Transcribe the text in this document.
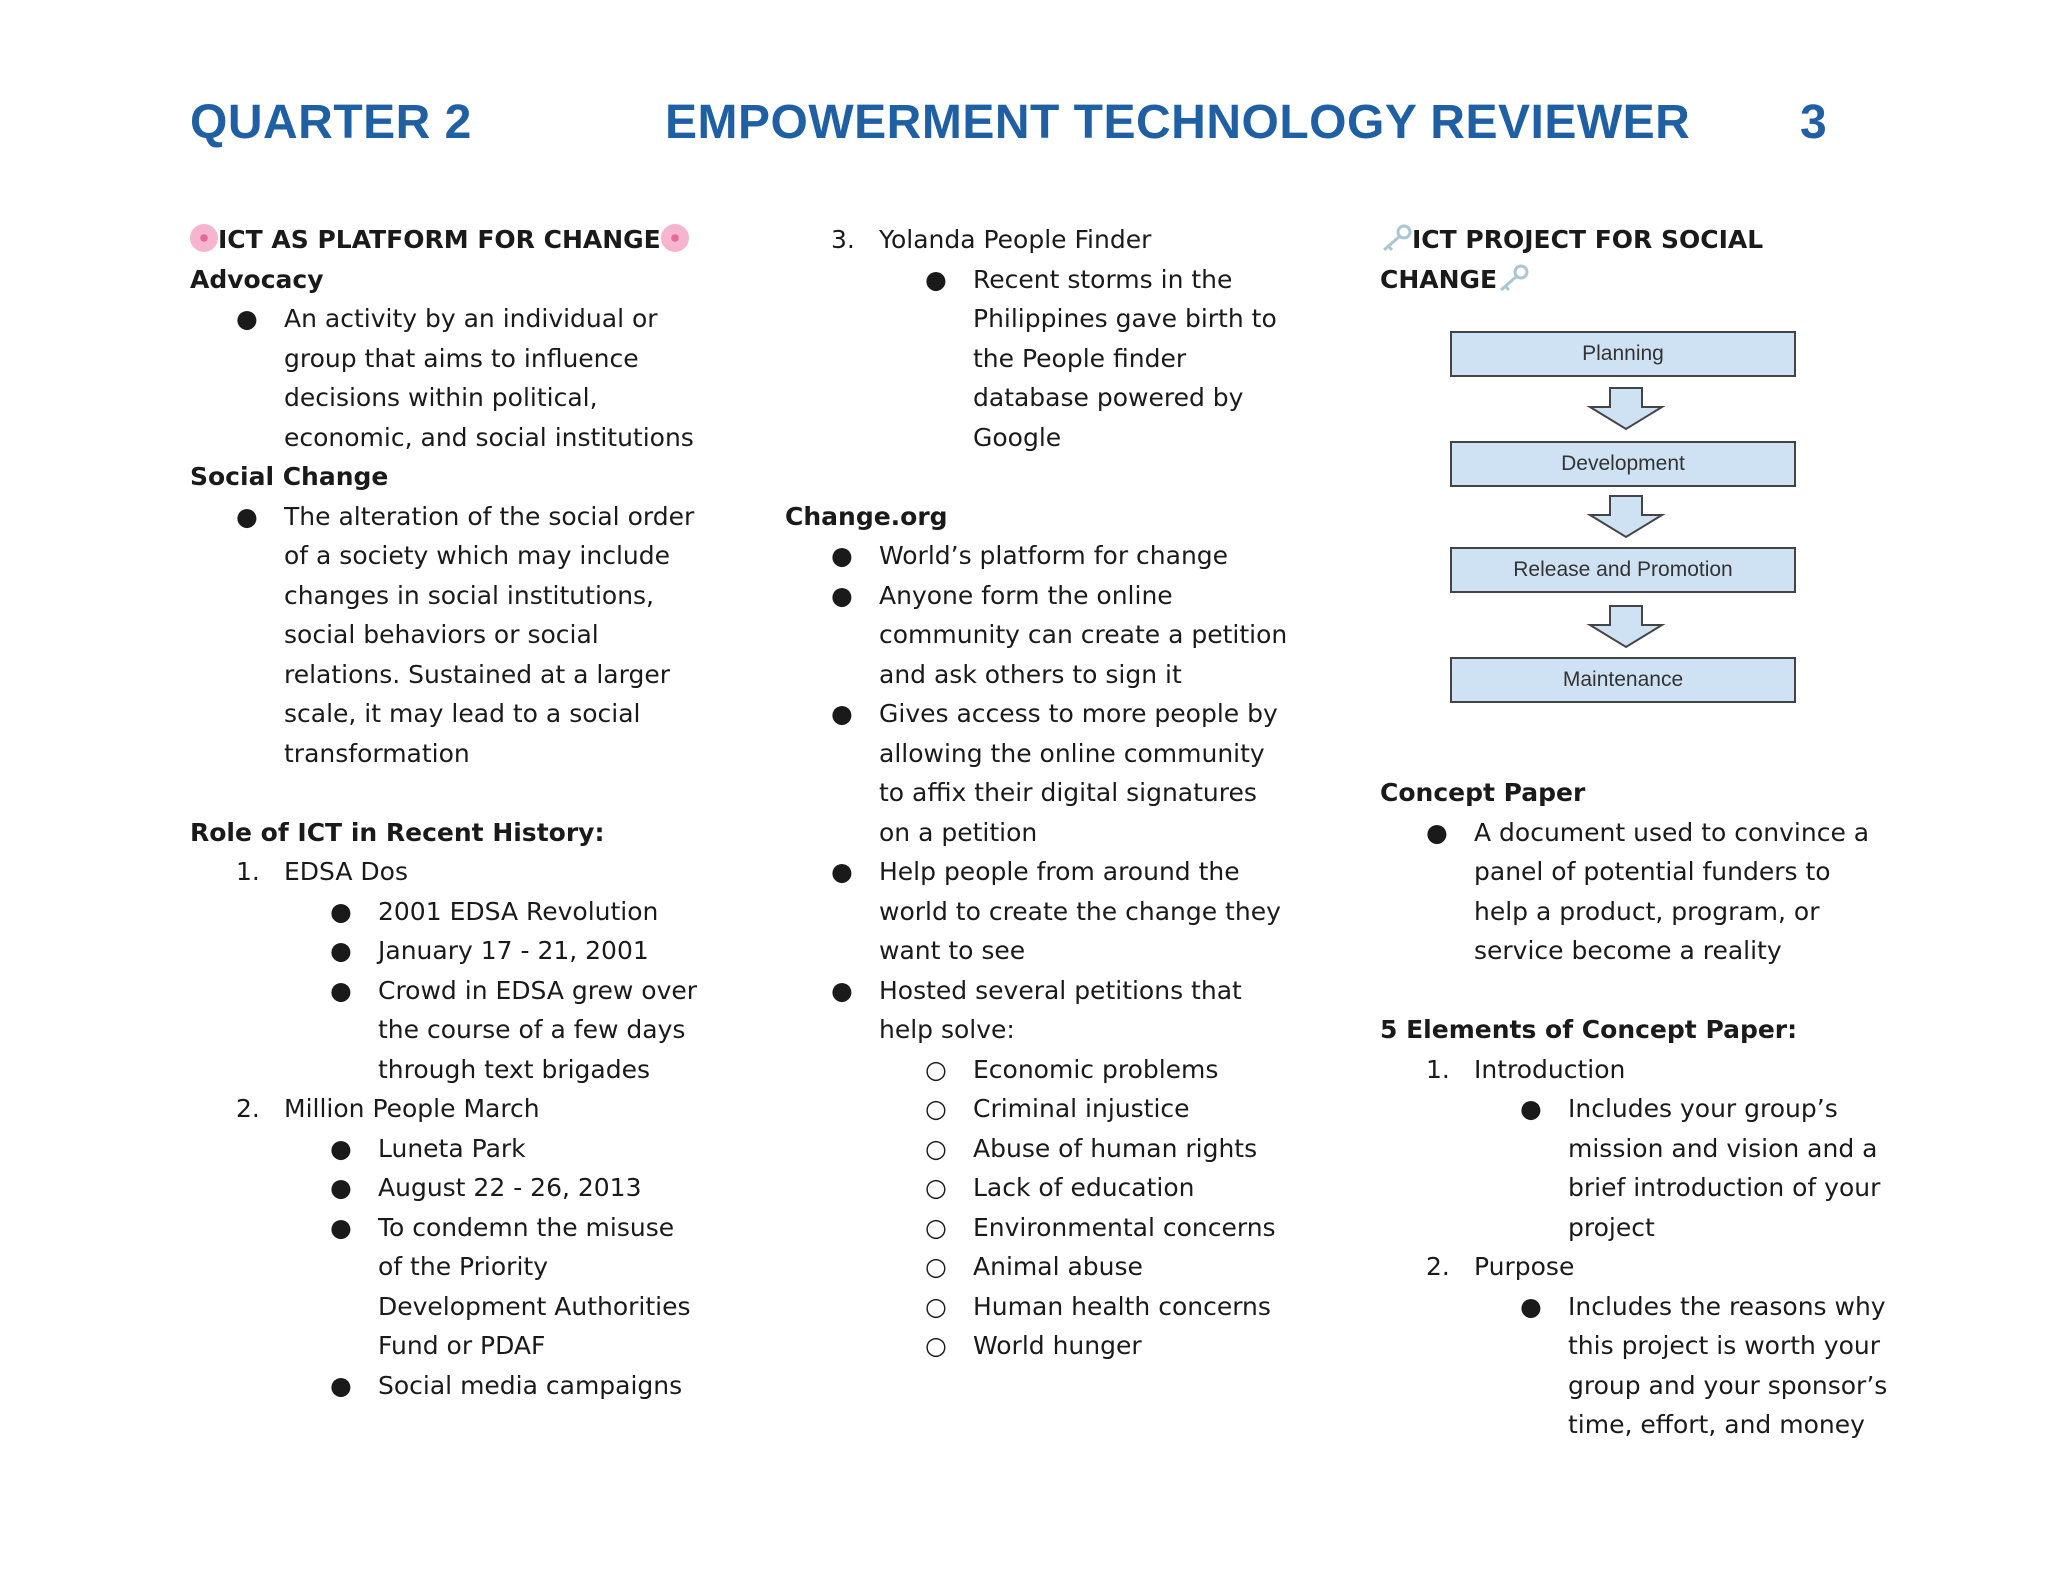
QUARTER 2	EMPOWERMENT TECHNOLOGY REVIEWER 3
ICT AS PLATFORM FOR CHANGE
Advocacy
● An activity by an individual or
group that aims to influence
decisions within political,
economic, and social institutions
Social Change
● The alteration of the social order
of a society which may include
changes in social institutions,
social behaviors or social
relations. Sustained at a larger
scale, it may lead to a social
transformation
Role of ICT in Recent History:
1. EDSA Dos
● 2001 EDSA Revolution
● January 17 - 21, 2001
● Crowd in EDSA grew over
the course of a few days
through text brigades
2. Million People March
● Luneta Park
● August 22 - 26, 2013
● To condemn the misuse
of the Priority
Development Authorities
Fund or PDAF
● Social media campaigns
3. Yolanda People Finder
● Recent storms in the
Philippines gave birth to
the People finder
database powered by
Google
Change.org
● World’s platform for change
● Anyone form the online
community can create a petition
and ask others to sign it
● Gives access to more people by
allowing the online community
to affix their digital signatures
on a petition
● Help people from around the
world to create the change they
want to see
● Hosted several petitions that
help solve:
○ Economic problems
○ Criminal injustice
○ Abuse of human rights
○ Lack of education
○ Environmental concerns
○ Animal abuse
○ Human health concerns
○ World hunger
ICT PROJECT FOR SOCIAL
CHANGE
Concept Paper
● A document used to convince a
panel of potential funders to
help a product, program, or
service become a reality
5 Elements of Concept Paper:
1. Introduction
● Includes your group’s
mission and vision and a
brief introduction of your
project
2. Purpose
● Includes the reasons why
this project is worth your
group and your sponsor’s
time, effort, and money
Planning
Development
Release and Promotion
Maintenance
